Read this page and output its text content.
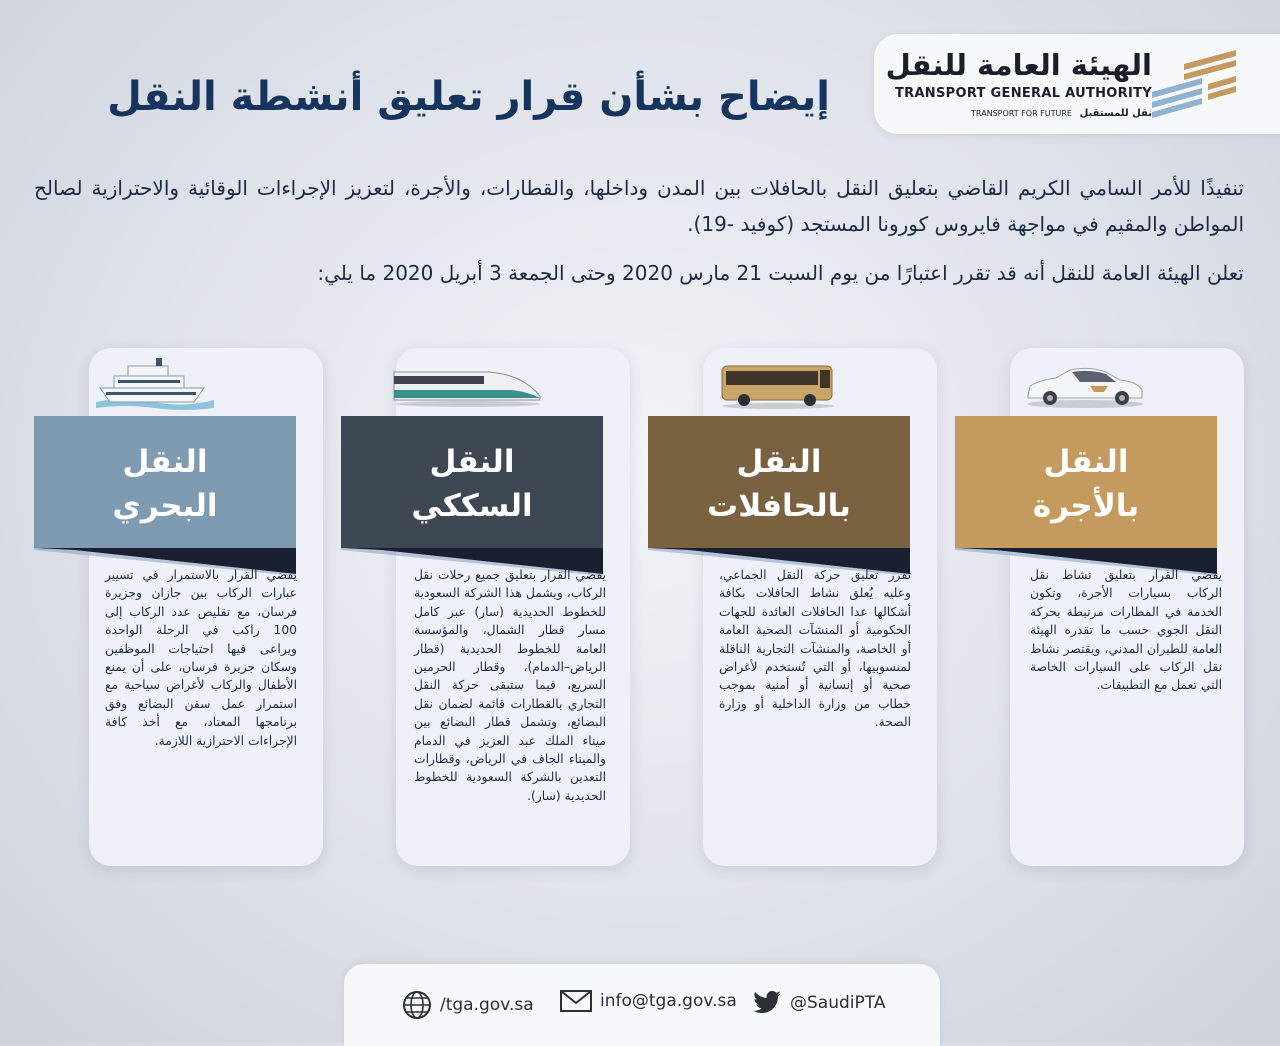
الهيئة العامة للنقل
TRANSPORT GENERAL AUTHORITY
TRANSPORT FOR FUTURE نقل للمستقبل
إيضاح بشأن قرار تعليق أنشطة النقل
تنفيذًا للأمر السامي الكريم القاضي بتعليق النقل بالحافلات بين المدن وداخلها، والقطارات، والأجرة، لتعزيز الإجراءات الوقائية والاحترازية لصالح المواطن والمقيم في مواجهة فايروس كورونا المستجد (كوفيد -19).
تعلن الهيئة العامة للنقل أنه قد تقرر اعتبارًا من يوم السبت 21 مارس 2020 وحتى الجمعة 3 أبريل 2020 ما يلي:
النقل
بالأجرة
يقضي القرار بتعليق نشاط نقل الركاب بسيارات الأجرة، وتكون الخدمة في المطارات مرتبطة بحركة النقل الجوي حسب ما تقدره الهيئة العامة للطيران المدني، ويقتصر نشاط نقل الركاب على السيارات الخاصة التي تعمل مع التطبيقات.
النقل
بالحافلات
تقرر تعليق حركة النقل الجماعي، وعليه يُعلق نشاط الحافلات بكافة أشكالها عدا الحافلات العائدة للجهات الحكومية أو المنشآت الصحية العامة أو الخاصة، والمنشآت التجارية الناقلة لمنسوبيها، أو التي تُستخدم لأغراض صحية أو إنسانية أو أمنية بموجب خطاب من وزارة الداخلية أو وزارة الصحة.
النقل
السككي
يقضي القرار بتعليق جميع رحلات نقل الركاب، ويشمل هذا الشركة السعودية للخطوط الحديدية (سار) عبر كامل مسار قطار الشمال، والمؤسسة العامة للخطوط الحديدية (قطار الرياض–الدمام)، وقطار الحرمين السريع، فيما ستبقى حركة النقل التجاري بالقطارات قائمة لضمان نقل البضائع، وتشمل قطار البضائع بين ميناء الملك عبد العزيز في الدمام والميناء الجاف في الرياض، وقطارات التعدين بالشركة السعودية للخطوط الحديدية (سار).
النقل
البحري
يقضي القرار بالاستمرار في تسيير عبارات الركاب بين جازان وجزيرة فرسان، مع تقليص عدد الركاب إلى 100 راكب في الرحلة الواحدة ويراعى فيها احتياجات الموظفين وسكان جزيرة فرسان، على أن يمنع الأطفال والركاب لأغراض سياحية مع استمرار عمل سفن البضائع وفق برنامجها المعتاد، مع أخذ كافة الإجراءات الاحترازية اللازمة.
/tga.gov.sa	info@tga.gov.sa	@SaudiPTA
